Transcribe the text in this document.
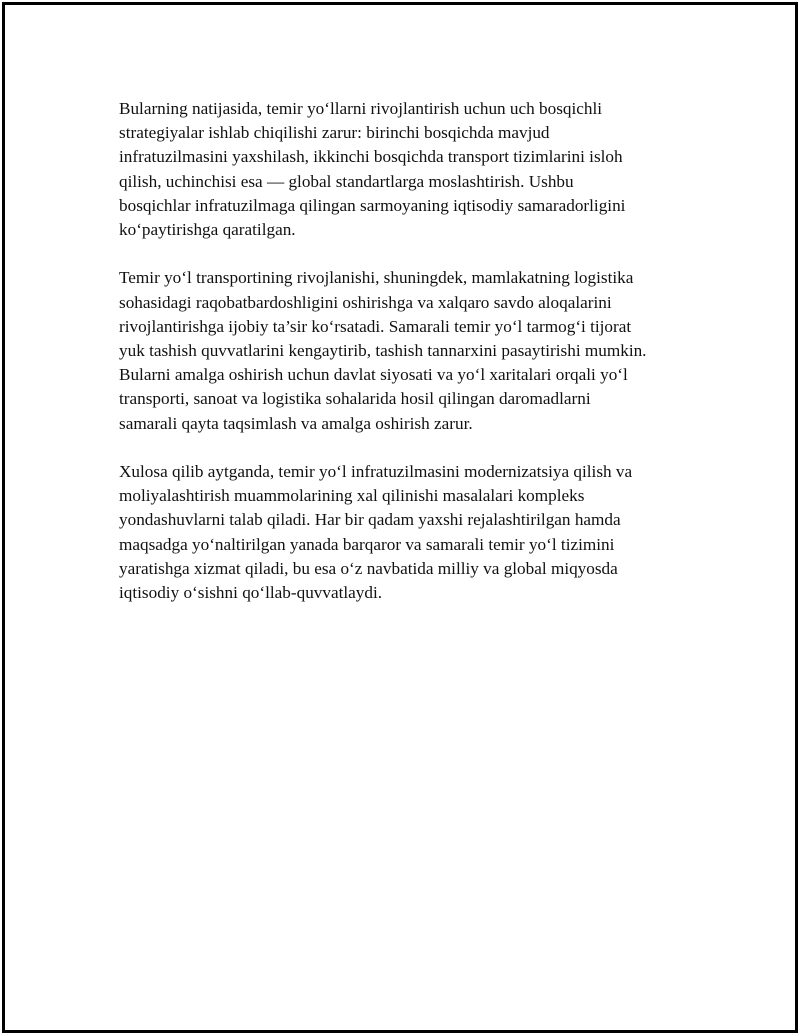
Bularning natijasida, temir yo‘llarni rivojlantirish uchun uch bosqichli
strategiyalar ishlab chiqilishi zarur: birinchi bosqichda mavjud
infratuzilmasini yaxshilash, ikkinchi bosqichda transport tizimlarini isloh
qilish, uchinchisi esa — global standartlarga moslashtirish. Ushbu
bosqichlar infratuzilmaga qilingan sarmoyaning iqtisodiy samaradorligini
ko‘paytirishga qaratilgan.

Temir yo‘l transportining rivojlanishi, shuningdek, mamlakatning logistika
sohasidagi raqobatbardoshligini oshirishga va xalqaro savdo aloqalarini
rivojlantirishga ijobiy ta’sir ko‘rsatadi. Samarali temir yo‘l tarmog‘i tijorat
yuk tashish quvvatlarini kengaytirib, tashish tannarxini pasaytirishi mumkin.
Bularni amalga oshirish uchun davlat siyosati va yo‘l xaritalari orqali yo‘l
transporti, sanoat va logistika sohalarida hosil qilingan daromadlarni
samarali qayta taqsimlash va amalga oshirish zarur.

Xulosa qilib aytganda, temir yo‘l infratuzilmasini modernizatsiya qilish va
moliyalashtirish muammolarining xal qilinishi masalalari kompleks
yondashuvlarni talab qiladi. Har bir qadam yaxshi rejalashtirilgan hamda
maqsadga yo‘naltirilgan yanada barqaror va samarali temir yo‘l tizimini
yaratishga xizmat qiladi, bu esa o‘z navbatida milliy va global miqyosda
iqtisodiy o‘sishni qo‘llab-quvvatlaydi.
